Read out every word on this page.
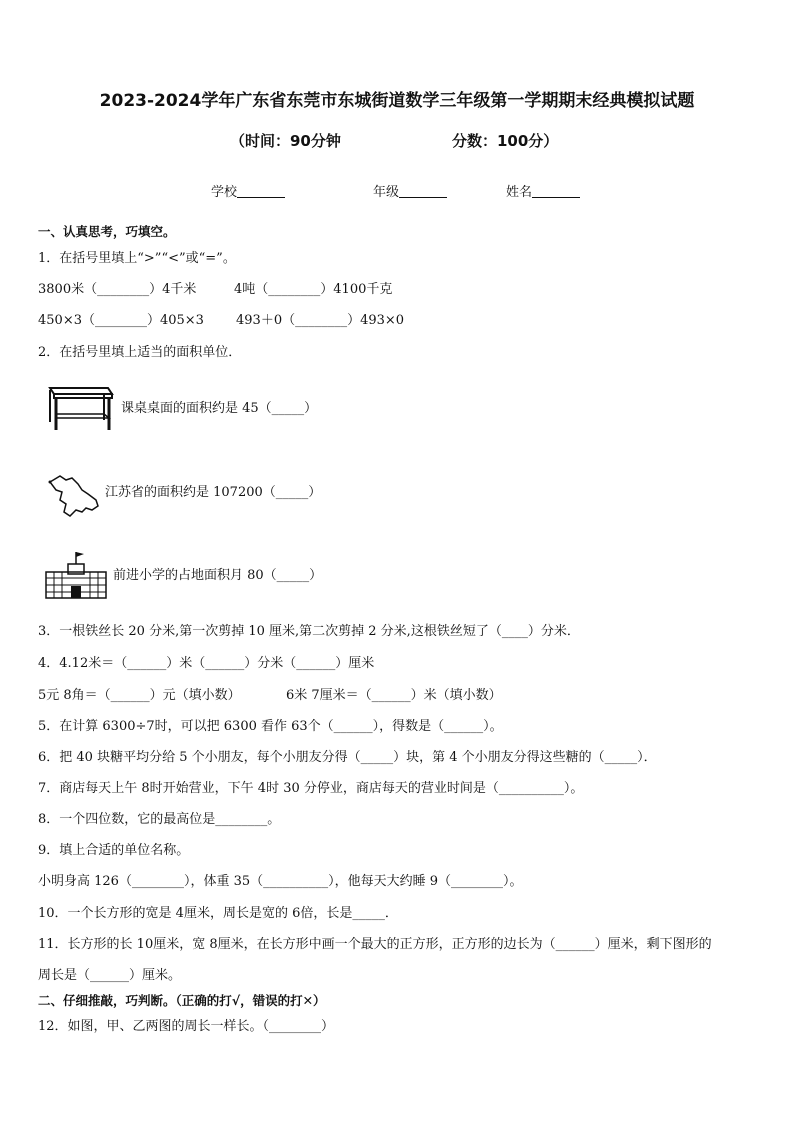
2023-2024学年广东省东莞市东城街道数学三年级第一学期期末经典模拟试题
（时间：90分钟	分数：100分）
学校	年级	姓名
一、认真思考，巧填空。
1．在括号里填上“>”“<”或“=”。
3800米（________）4千米	4吨（________）4100千克
450×3（________）405×3 493＋0（________）493×0
2．在括号里填上适当的面积单位．
课桌桌面的面积约是 45（_____）
江苏省的面积约是 107200（_____）
前进小学的占地面积月 80（_____）
3．一根铁丝长 20 分米,第一次剪掉 10 厘米,第二次剪掉 2 分米,这根铁丝短了（____）分米．
4．4.12米＝（______）米（______）分米（______）厘米
5元 8角＝（______）元（填小数）	6米 7厘米＝（______）米（填小数）
5．在计算 6300÷7时，可以把 6300 看作 63个（______），得数是（______）。
6．把 40 块糖平均分给 5 个小朋友，每个小朋友分得（_____）块，第 4 个小朋友分得这些糖的（_____）．
7．商店每天上午 8时开始营业，下午 4时 30 分停业，商店每天的营业时间是（__________）。
8．一个四位数，它的最高位是________。
9．填上合适的单位名称。
小明身高 126（________），体重 35（__________），他每天大约睡 9（________）。
10．一个长方形的宽是 4厘米，周长是宽的 6倍，长是_____．
11．长方形的长 10厘米，宽 8厘米，在长方形中画一个最大的正方形，正方形的边长为（______）厘米，剩下图形的
周长是（______）厘米。
二、仔细推敲，巧判断。（正确的打√，错误的打✕）
12．如图，甲、乙两图的周长一样长。（________）
